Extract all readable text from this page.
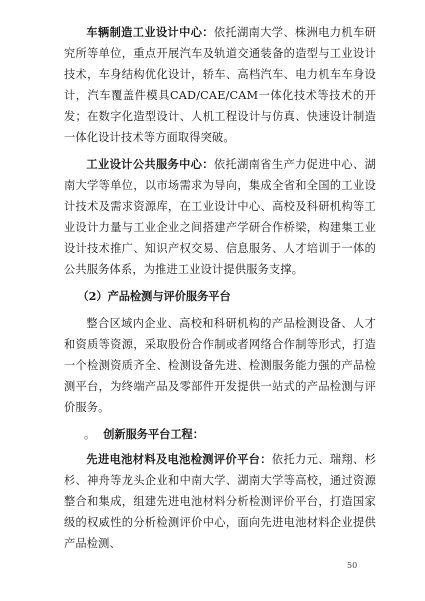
车辆制造工业设计中心：依托湖南大学、株洲电力机车研究所等单位，重点开展汽车及轨道交通装备的造型与工业设计技术，车身结构优化设计，轿车、高档汽车、电力机车车身设计，汽车覆盖件模具CAD/CAE/CAM一体化技术等技术的开发；在数字化造型设计、人机工程设计与仿真、快速设计制造一体化设计技术等方面取得突破。

工业设计公共服务中心：依托湖南省生产力促进中心、湖南大学等单位，以市场需求为导向，集成全省和全国的工业设计技术及需求资源库，在工业设计中心、高校及科研机构等工业设计力量与工业企业之间搭建产学研合作桥梁，构建集工业设计技术推广、知识产权交易、信息服务、人才培训于一体的公共服务体系，为推进工业设计提供服务支撑。

（2）产品检测与评价服务平台

整合区域内企业、高校和科研机构的产品检测设备、人才和资质等资源，采取股份合作制或者网络合作制等形式，打造一个检测资质齐全、检测设备先进、检测服务能力强的产品检测平台，为终端产品及零部件开发提供一站式的产品检测与评价服务。

。 创新服务平台工程：

先进电池材料及电池检测评价平台：依托力元、瑞翔、杉杉、神舟等龙头企业和中南大学、湖南大学等高校，通过资源整合和集成，组建先进电池材料分析检测评价平台，打造国家级的权威性的分析检测评价中心，面向先进电池材料企业提供产品检测、

50
